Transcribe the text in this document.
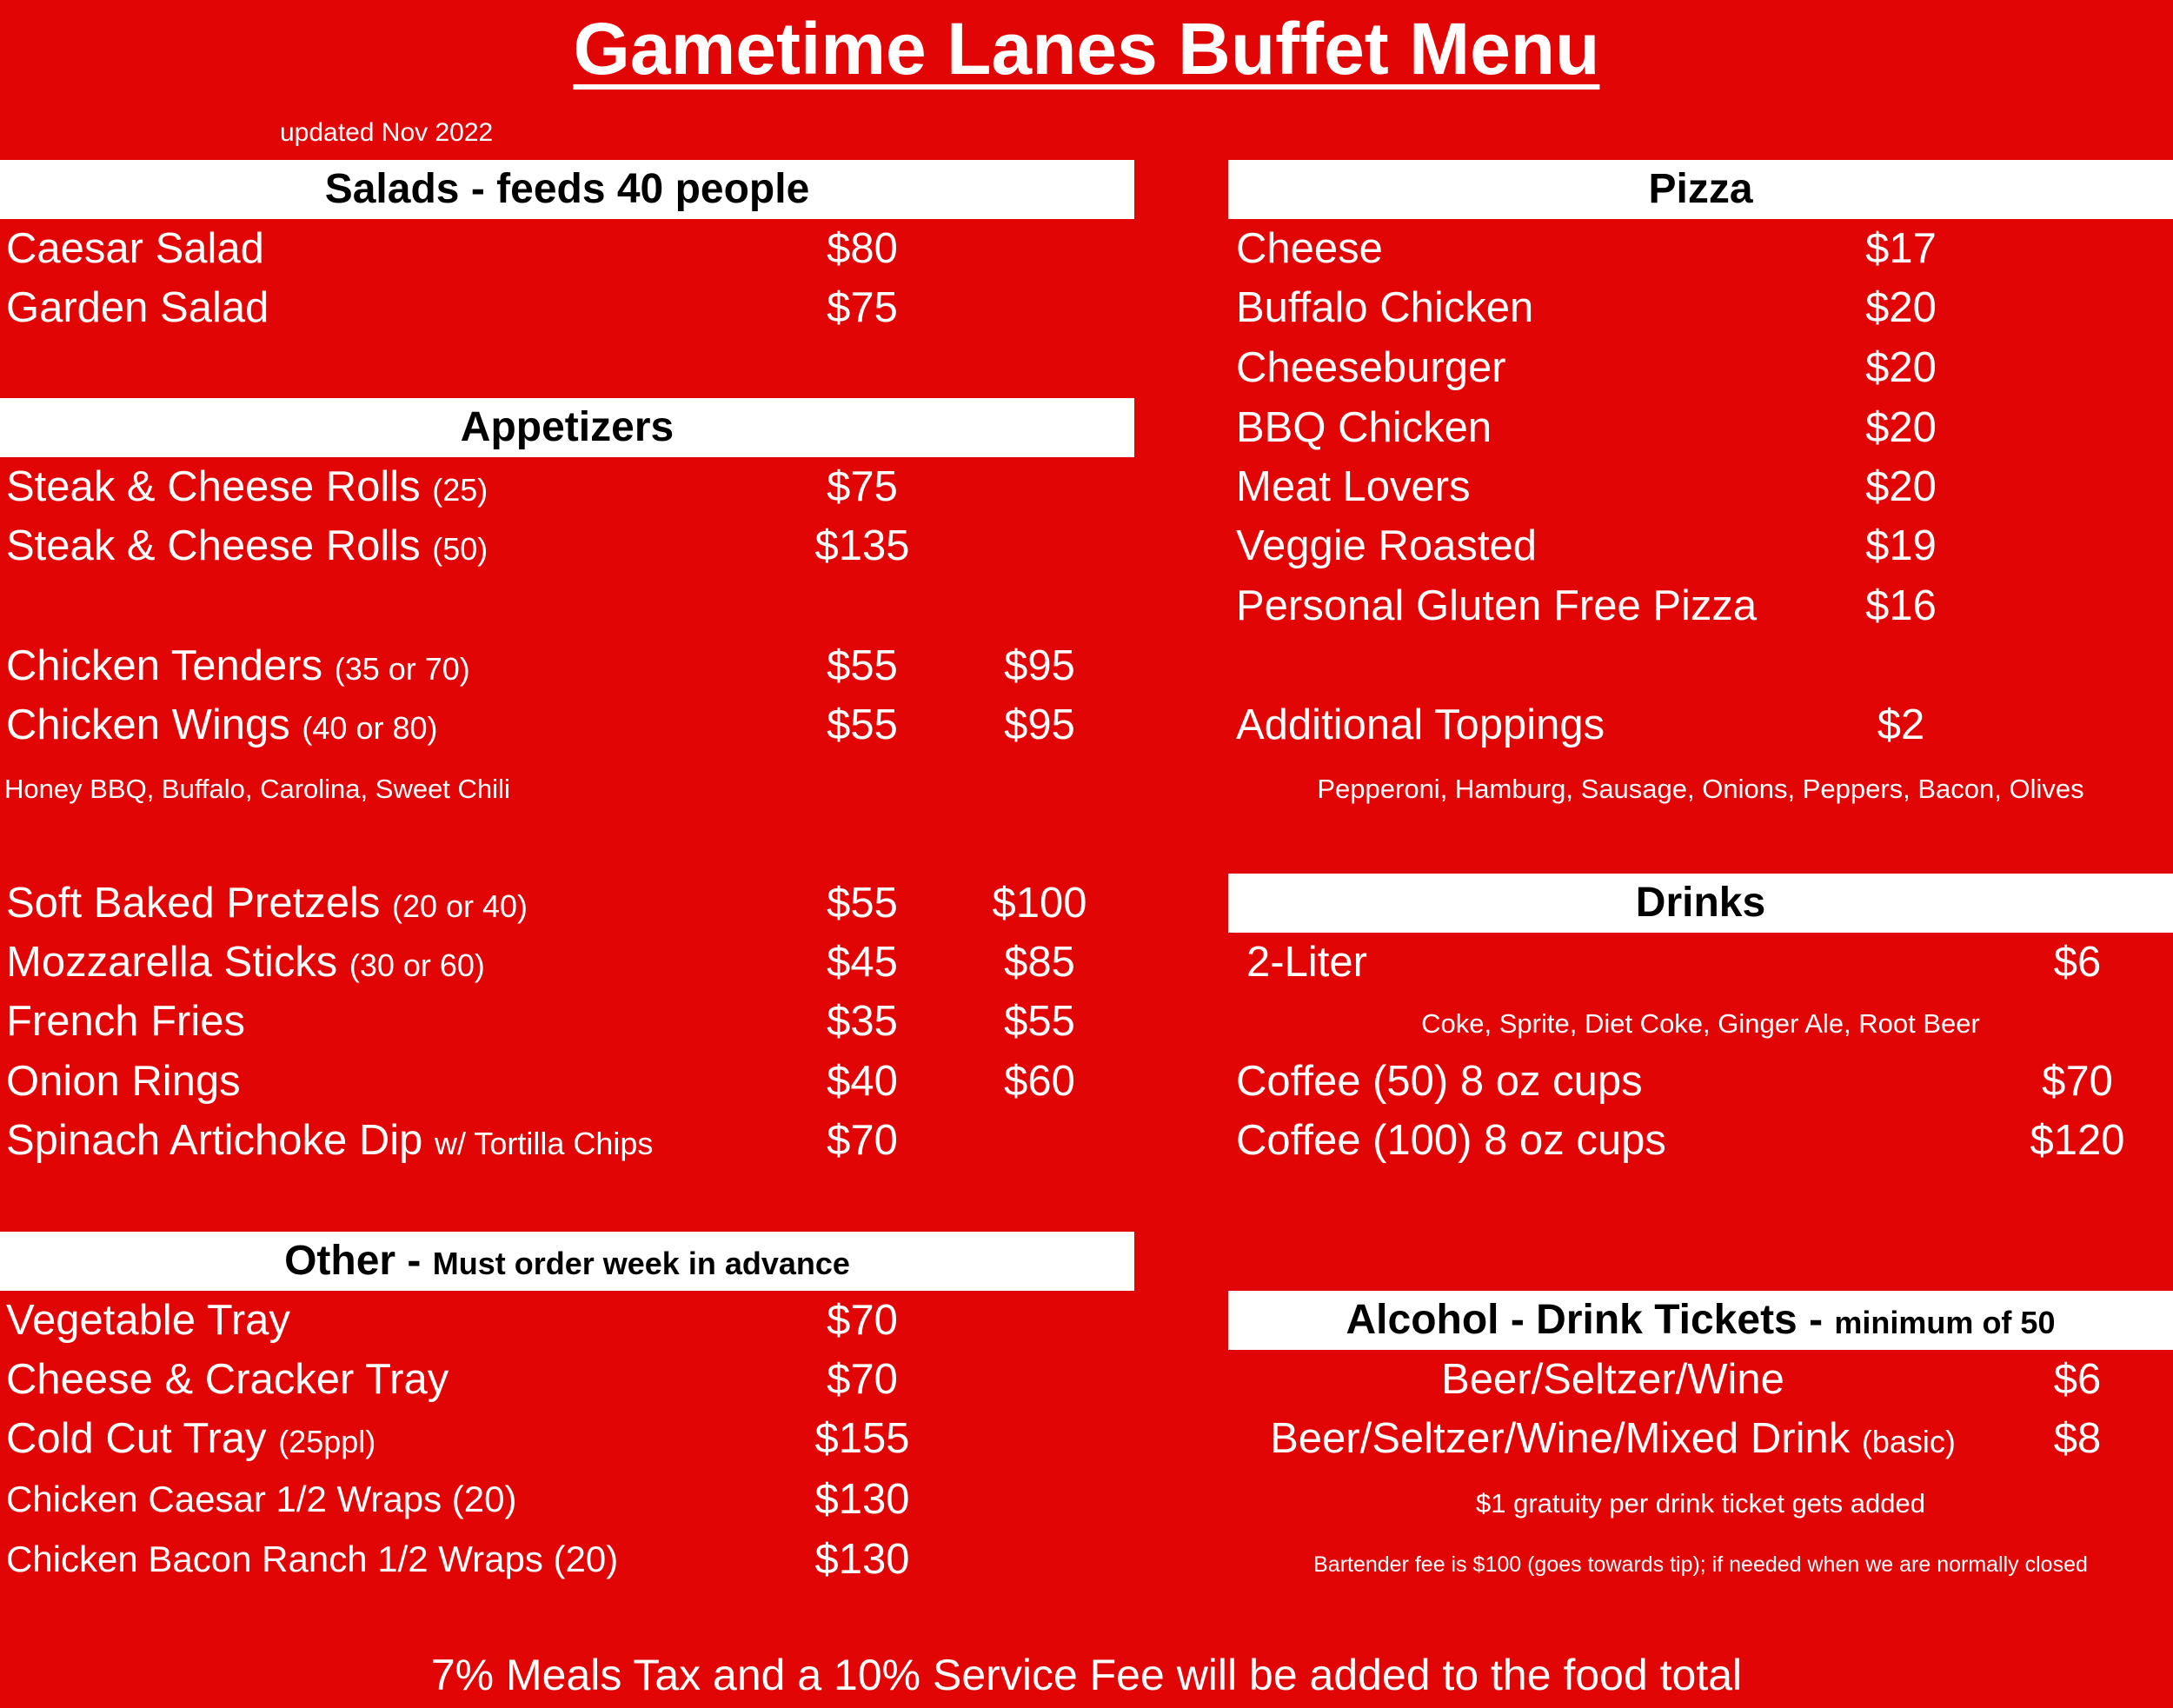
Gametime Lanes Buffet Menu
updated Nov 2022
Salads - feeds 40 people
Caesar Salad	$80
Garden Salad	$75
Appetizers
Steak & Cheese Rolls (25)	$75
Steak & Cheese Rolls (50)	$135
Chicken Tenders (35 or 70)	$55	$95
Chicken Wings (40 or 80)	$55	$95
Honey BBQ, Buffalo, Carolina, Sweet Chili
Soft Baked Pretzels (20 or 40)	$55	$100
Mozzarella Sticks (30 or 60)	$45	$85
French Fries	$35	$55
Onion Rings	$40	$60
Spinach Artichoke Dip w/ Tortilla Chips	$70
Other - Must order week in advance
Vegetable Tray	$70
Cheese & Cracker Tray	$70
Cold Cut Tray (25ppl)	$155
Chicken Caesar 1/2 Wraps (20)	$130
Chicken Bacon Ranch 1/2 Wraps (20)	$130
Pizza
Cheese	$17
Buffalo Chicken	$20
Cheeseburger	$20
BBQ Chicken	$20
Meat Lovers	$20
Veggie Roasted	$19
Personal Gluten Free Pizza	$16
Additional Toppings	$2
Pepperoni, Hamburg, Sausage, Onions, Peppers, Bacon, Olives
Drinks
2-Liter	$6
Coke, Sprite, Diet Coke, Ginger Ale, Root Beer
Coffee (50) 8 oz cups	$70
Coffee (100) 8 oz cups	$120
Alcohol - Drink Tickets - minimum of 50
Beer/Seltzer/Wine	$6
Beer/Seltzer/Wine/Mixed Drink (basic)	$8
$1 gratuity per drink ticket gets added
Bartender fee is $100 (goes towards tip); if needed when we are normally closed
7% Meals Tax and a 10% Service Fee will be added to the food total
